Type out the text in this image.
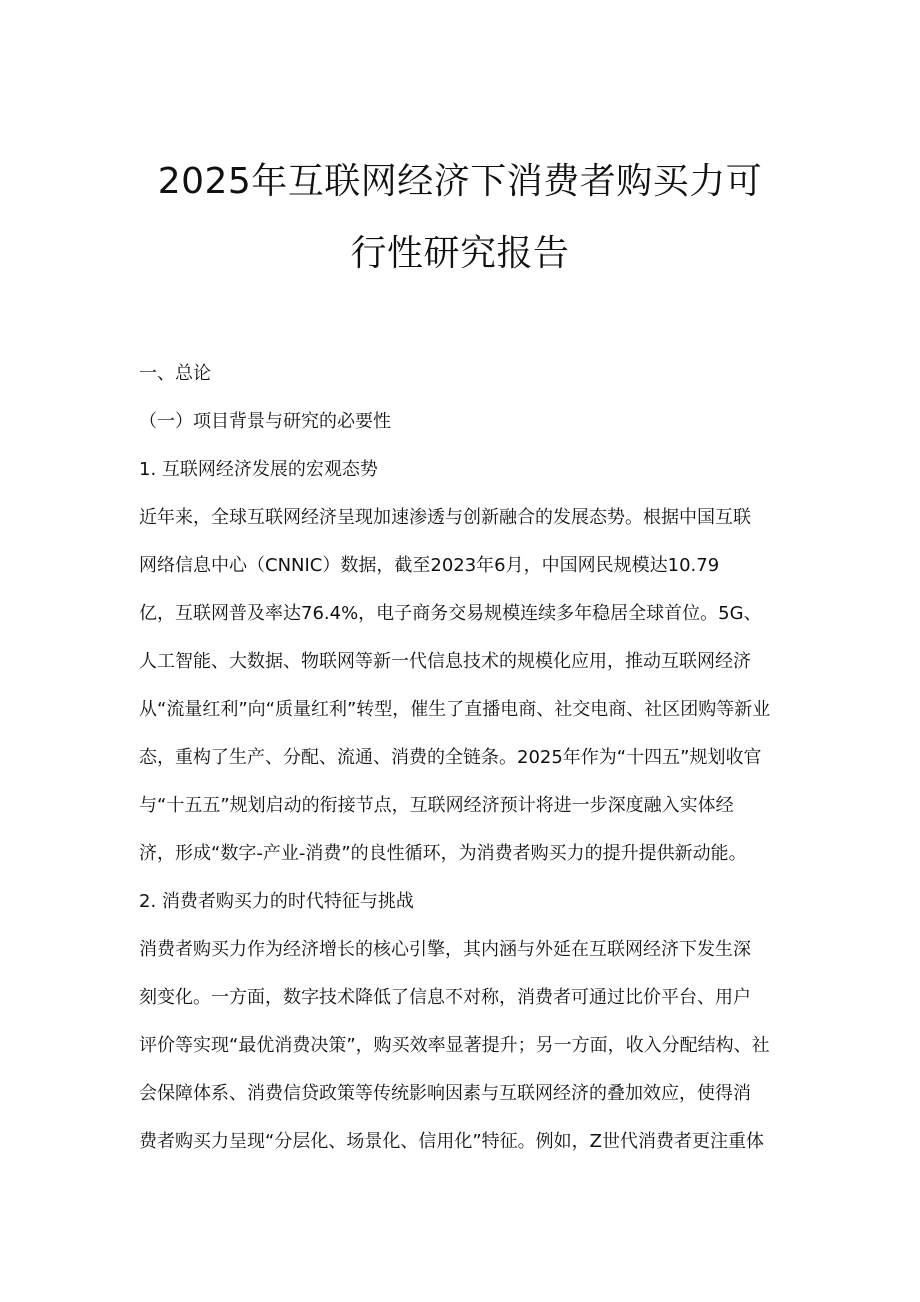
2025年互联网经济下消费者购买力可
行性研究报告
一、总论
（一）项目背景与研究的必要性
1. 互联网经济发展的宏观态势
近年来，全球互联网经济呈现加速渗透与创新融合的发展态势。根据中国互联
网络信息中心（CNNIC）数据，截至2023年6月，中国网民规模达10.79
亿，互联网普及率达76.4%，电子商务交易规模连续多年稳居全球首位。5G、
人工智能、大数据、物联网等新一代信息技术的规模化应用，推动互联网经济
从“流量红利”向“质量红利”转型，催生了直播电商、社交电商、社区团购等新业
态，重构了生产、分配、流通、消费的全链条。2025年作为“十四五”规划收官
与“十五五”规划启动的衔接节点，互联网经济预计将进一步深度融入实体经
济，形成“数字-产业-消费”的良性循环，为消费者购买力的提升提供新动能。
2. 消费者购买力的时代特征与挑战
消费者购买力作为经济增长的核心引擎，其内涵与外延在互联网经济下发生深
刻变化。一方面，数字技术降低了信息不对称，消费者可通过比价平台、用户
评价等实现“最优消费决策”，购买效率显著提升；另一方面，收入分配结构、社
会保障体系、消费信贷政策等传统影响因素与互联网经济的叠加效应，使得消
费者购买力呈现“分层化、场景化、信用化”特征。例如，Z世代消费者更注重体
